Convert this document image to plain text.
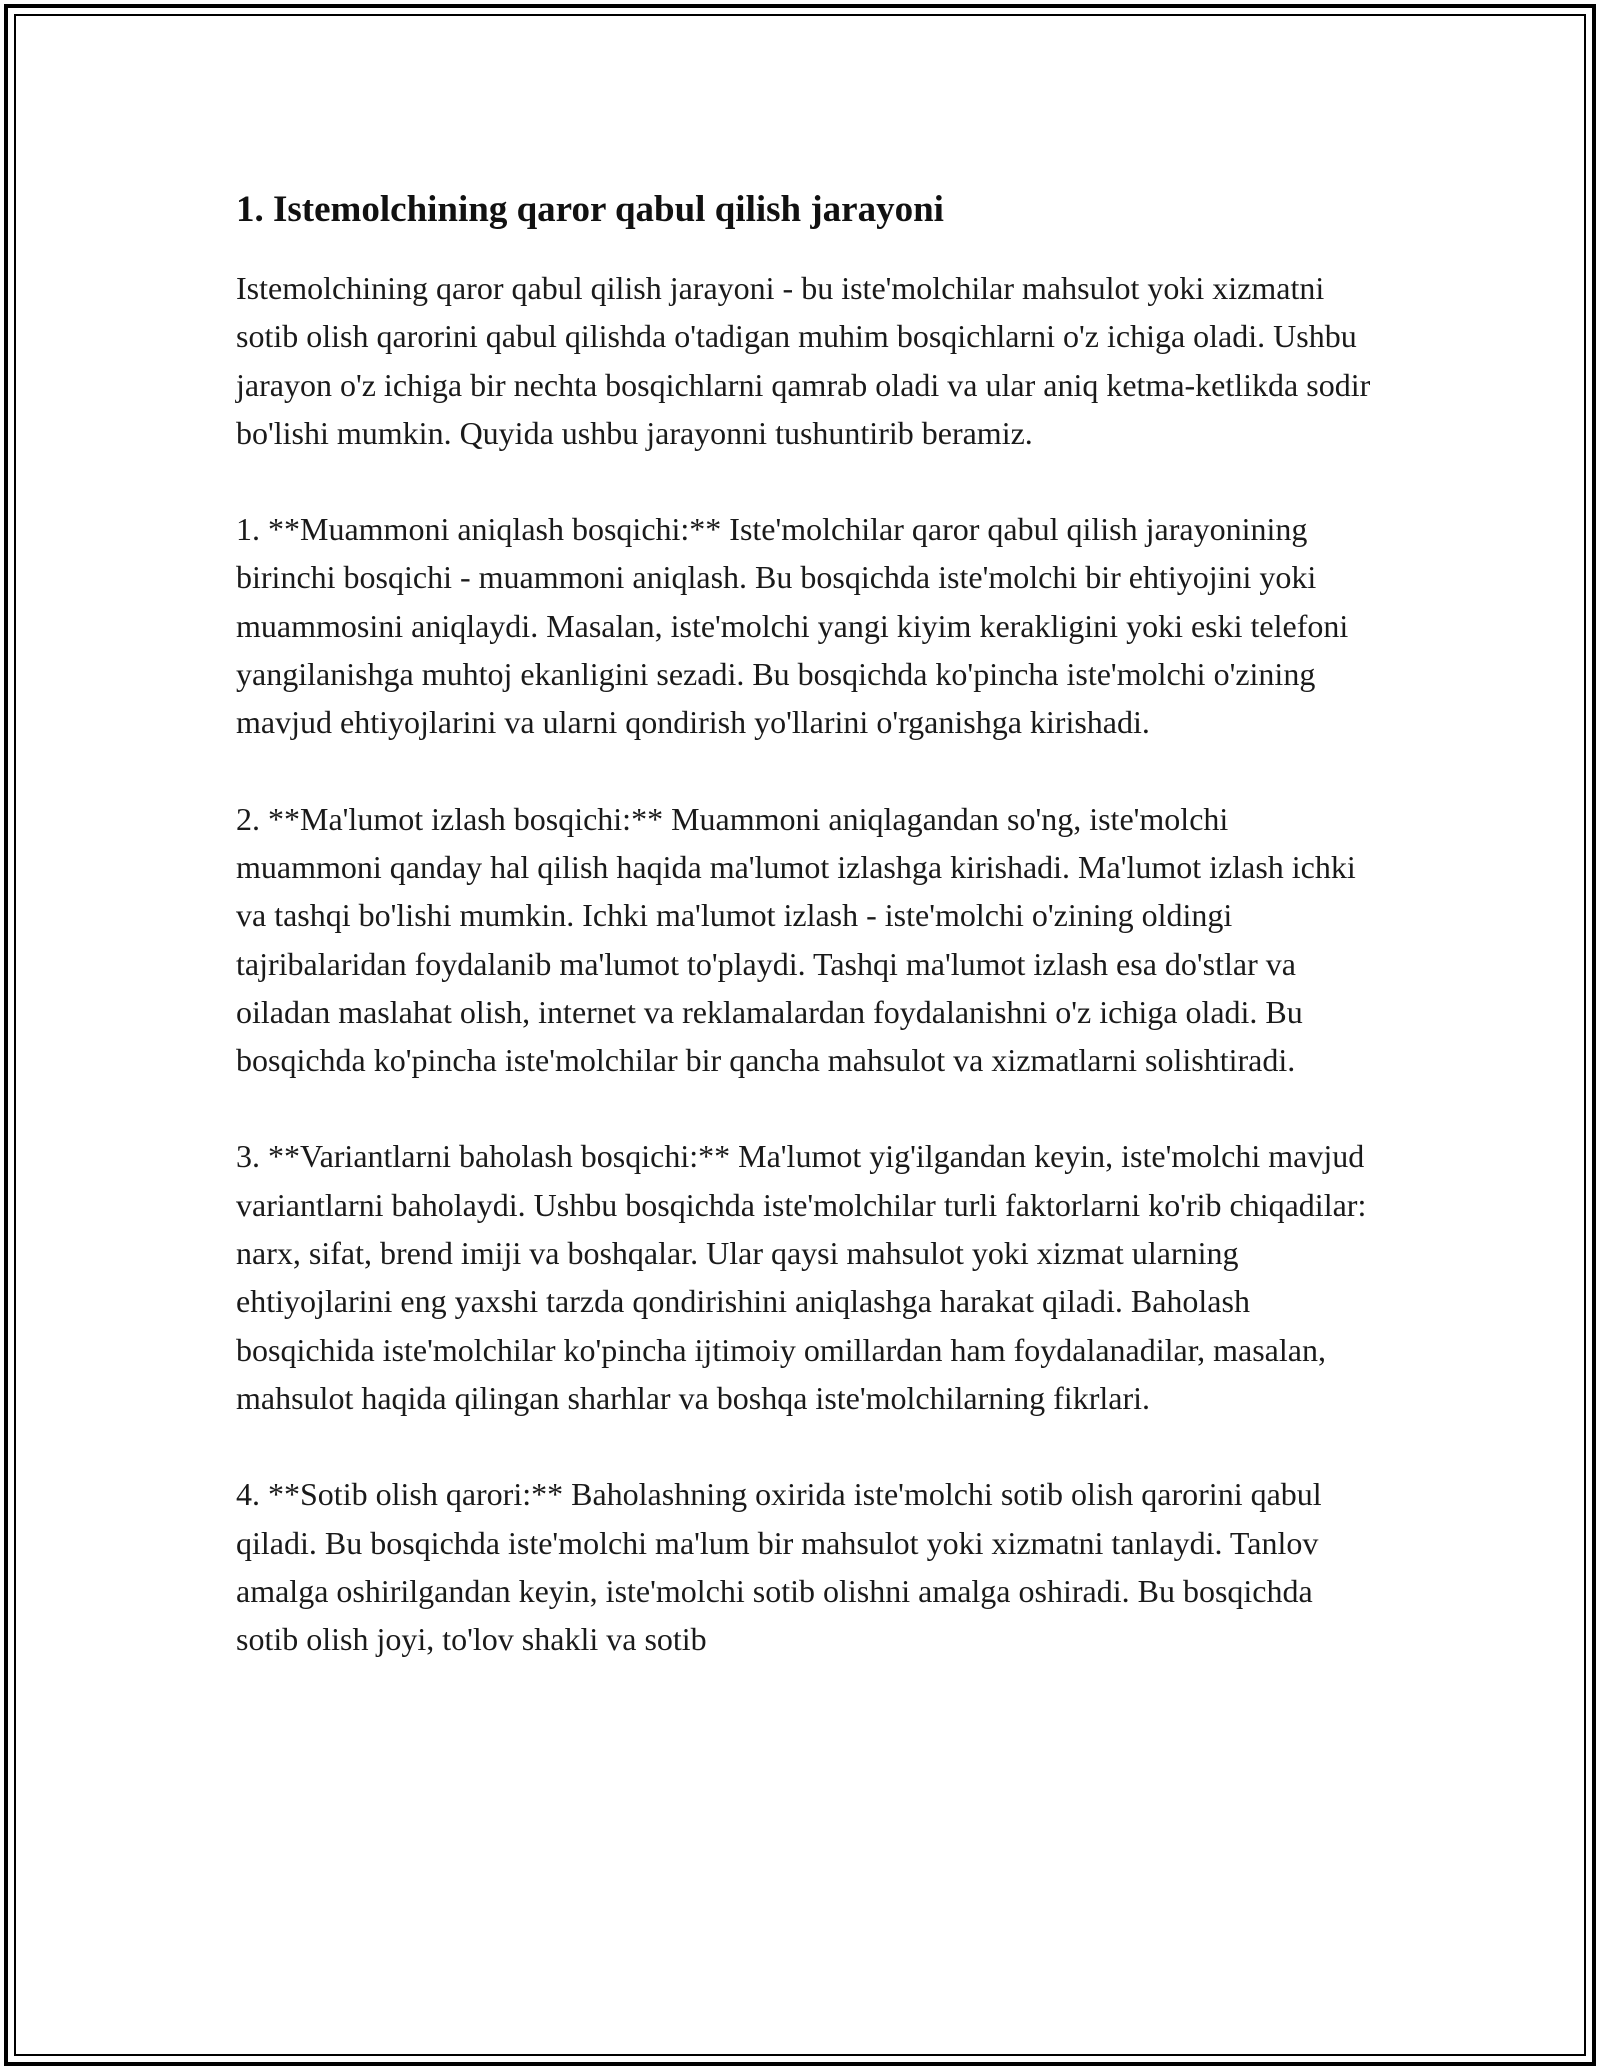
1. Istemolchining qaror qabul qilish jarayoni

Istemolchining qaror qabul qilish jarayoni - bu iste'molchilar mahsulot yoki xizmatni sotib olish qarorini qabul qilishda o'tadigan muhim bosqichlarni o'z ichiga oladi. Ushbu jarayon o'z ichiga bir nechta bosqichlarni qamrab oladi va ular aniq ketma-ketlikda sodir bo'lishi mumkin. Quyida ushbu jarayonni tushuntirib beramiz.

1. **Muammoni aniqlash bosqichi:** Iste'molchilar qaror qabul qilish jarayonining birinchi bosqichi - muammoni aniqlash. Bu bosqichda iste'molchi bir ehtiyojini yoki muammosini aniqlaydi. Masalan, iste'molchi yangi kiyim kerakligini yoki eski telefoni yangilanishga muhtoj ekanligini sezadi. Bu bosqichda ko'pincha iste'molchi o'zining mavjud ehtiyojlarini va ularni qondirish yo'llarini o'rganishga kirishadi.

2. **Ma'lumot izlash bosqichi:** Muammoni aniqlagandan so'ng, iste'molchi muammoni qanday hal qilish haqida ma'lumot izlashga kirishadi. Ma'lumot izlash ichki va tashqi bo'lishi mumkin. Ichki ma'lumot izlash - iste'molchi o'zining oldingi tajribalaridan foydalanib ma'lumot to'playdi. Tashqi ma'lumot izlash esa do'stlar va oiladan maslahat olish, internet va reklamalardan foydalanishni o'z ichiga oladi. Bu bosqichda ko'pincha iste'molchilar bir qancha mahsulot va xizmatlarni solishtiradi.

3. **Variantlarni baholash bosqichi:** Ma'lumot yig'ilgandan keyin, iste'molchi mavjud variantlarni baholaydi. Ushbu bosqichda iste'molchilar turli faktorlarni ko'rib chiqadilar: narx, sifat, brend imiji va boshqalar. Ular qaysi mahsulot yoki xizmat ularning ehtiyojlarini eng yaxshi tarzda qondirishini aniqlashga harakat qiladi. Baholash bosqichida iste'molchilar ko'pincha ijtimoiy omillardan ham foydalanadilar, masalan, mahsulot haqida qilingan sharhlar va boshqa iste'molchilarning fikrlari.

4. **Sotib olish qarori:** Baholashning oxirida iste'molchi sotib olish qarorini qabul qiladi. Bu bosqichda iste'molchi ma'lum bir mahsulot yoki xizmatni tanlaydi. Tanlov amalga oshirilgandan keyin, iste'molchi sotib olishni amalga oshiradi. Bu bosqichda sotib olish joyi, to'lov shakli va sotib
